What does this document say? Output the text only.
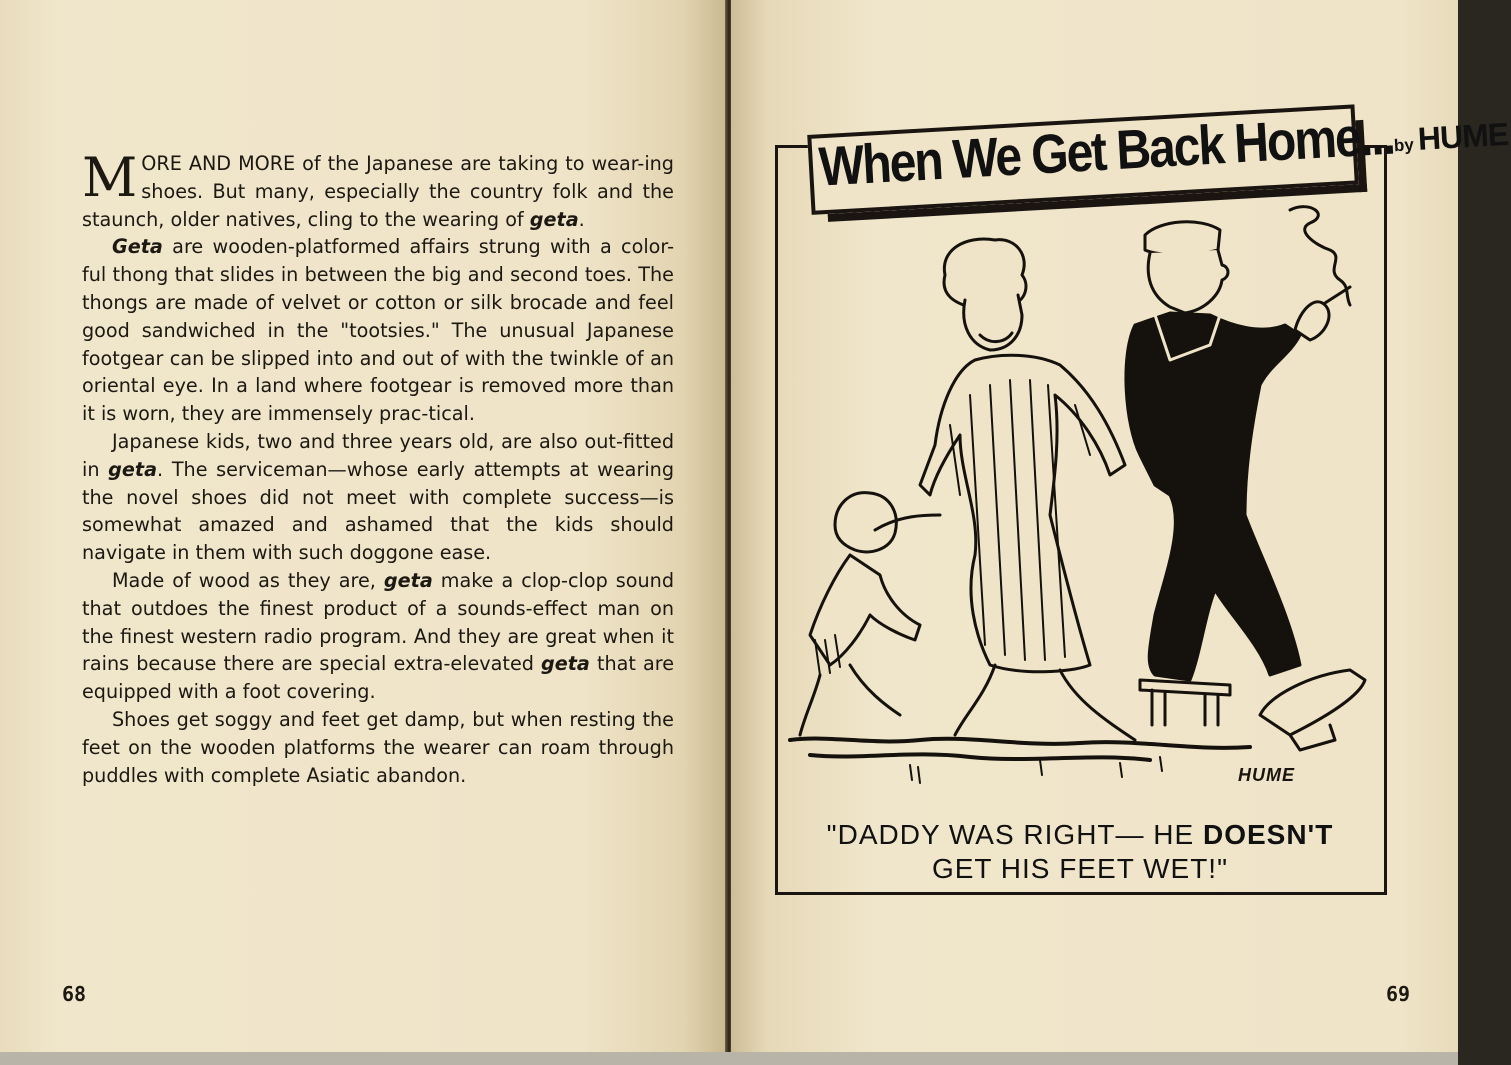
MORE AND MORE of the Japanese are taking to wear-ing shoes. But many, especially the country folk and the staunch, older natives, cling to the wearing of geta.

Geta are wooden-platformed affairs strung with a color-ful thong that slides in between the big and second toes. The thongs are made of velvet or cotton or silk brocade and feel good sandwiched in the "tootsies." The unusual Japanese footgear can be slipped into and out of with the twinkle of an oriental eye. In a land where footgear is removed more than it is worn, they are immensely prac-tical.

Japanese kids, two and three years old, are also out-fitted in geta. The serviceman—whose early attempts at wearing the novel shoes did not meet with complete success—is somewhat amazed and ashamed that the kids should navigate in them with such doggone ease.

Made of wood as they are, geta make a clop-clop sound that outdoes the finest product of a sounds-effect man on the finest western radio program. And they are great when it rains because there are special extra-elevated geta that are equipped with a foot covering.

Shoes get soggy and feet get damp, but when resting the feet on the wooden platforms the wearer can roam through puddles with complete Asiatic abandon.

68	69
When We Get Back Home...by HUME
HUME
"DADDY WAS RIGHT— HE DOESN'T
GET HIS FEET WET!"
